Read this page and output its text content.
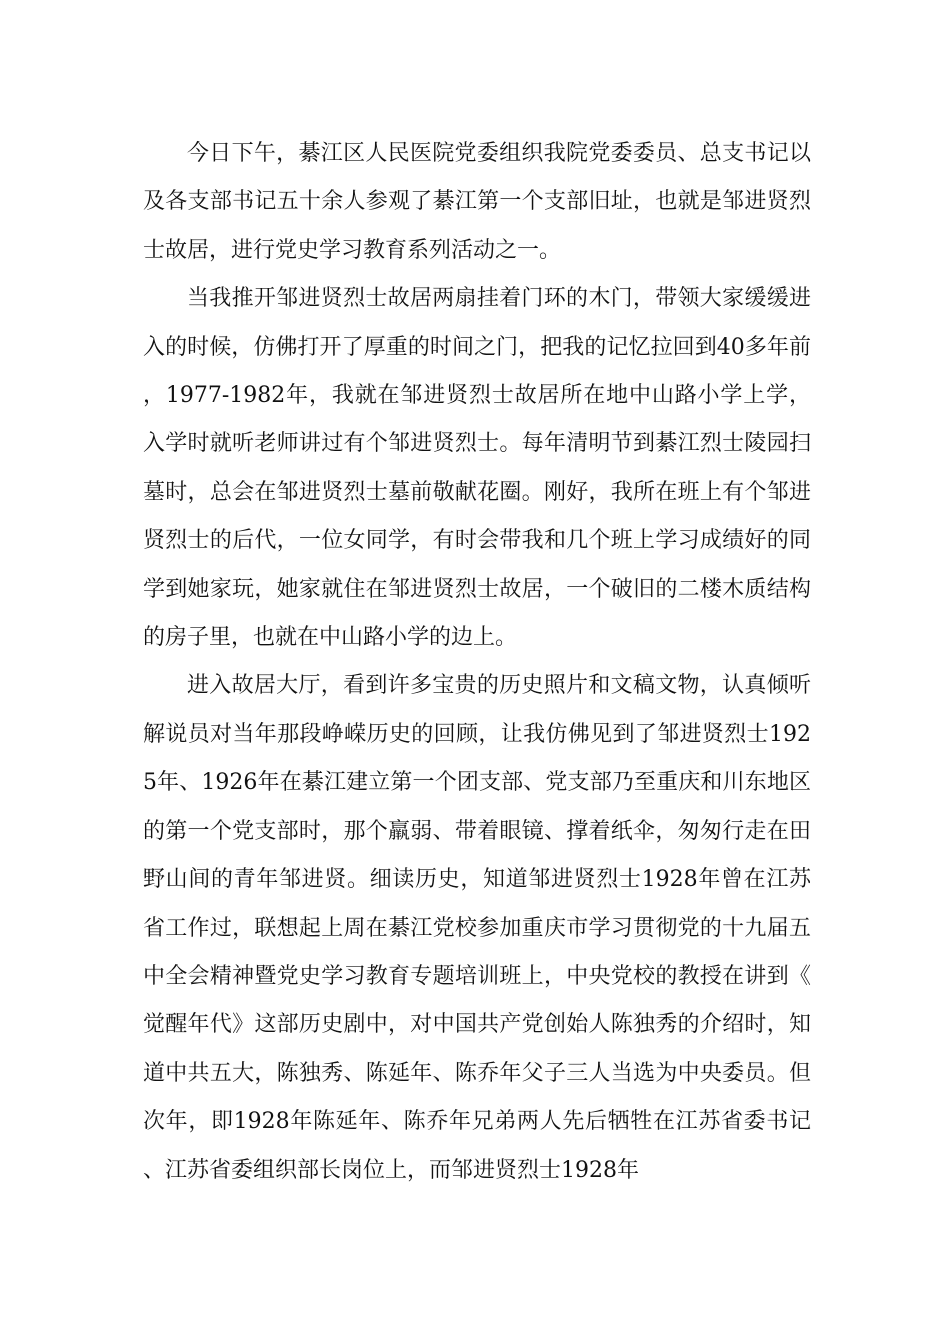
今日下午，綦江区人民医院党委组织我院党委委员、总支书记以及各支部书记五十余人参观了綦江第一个支部旧址，也就是邹进贤烈士故居，进行党史学习教育系列活动之一。

当我推开邹进贤烈士故居两扇挂着门环的木门，带领大家缓缓进入的时候，仿佛打开了厚重的时间之门，把我的记忆拉回到40多年前，1977-1982年，我就在邹进贤烈士故居所在地中山路小学上学，入学时就听老师讲过有个邹进贤烈士。每年清明节到綦江烈士陵园扫墓时，总会在邹进贤烈士墓前敬献花圈。刚好，我所在班上有个邹进贤烈士的后代，一位女同学，有时会带我和几个班上学习成绩好的同学到她家玩，她家就住在邹进贤烈士故居，一个破旧的二楼木质结构的房子里，也就在中山路小学的边上。

进入故居大厅，看到许多宝贵的历史照片和文稿文物，认真倾听解说员对当年那段峥嵘历史的回顾，让我仿佛见到了邹进贤烈士1925年、1926年在綦江建立第一个团支部、党支部乃至重庆和川东地区的第一个党支部时，那个羸弱、带着眼镜、撑着纸伞，匆匆行走在田野山间的青年邹进贤。细读历史，知道邹进贤烈士1928年曾在江苏省工作过，联想起上周在綦江党校参加重庆市学习贯彻党的十九届五中全会精神暨党史学习教育专题培训班上，中央党校的教授在讲到《觉醒年代》这部历史剧中，对中国共产党创始人陈独秀的介绍时，知道中共五大，陈独秀、陈延年、陈乔年父子三人当选为中央委员。但次年，即1928年陈延年、陈乔年兄弟两人先后牺牲在江苏省委书记、江苏省委组织部长岗位上，而邹进贤烈士1928年
